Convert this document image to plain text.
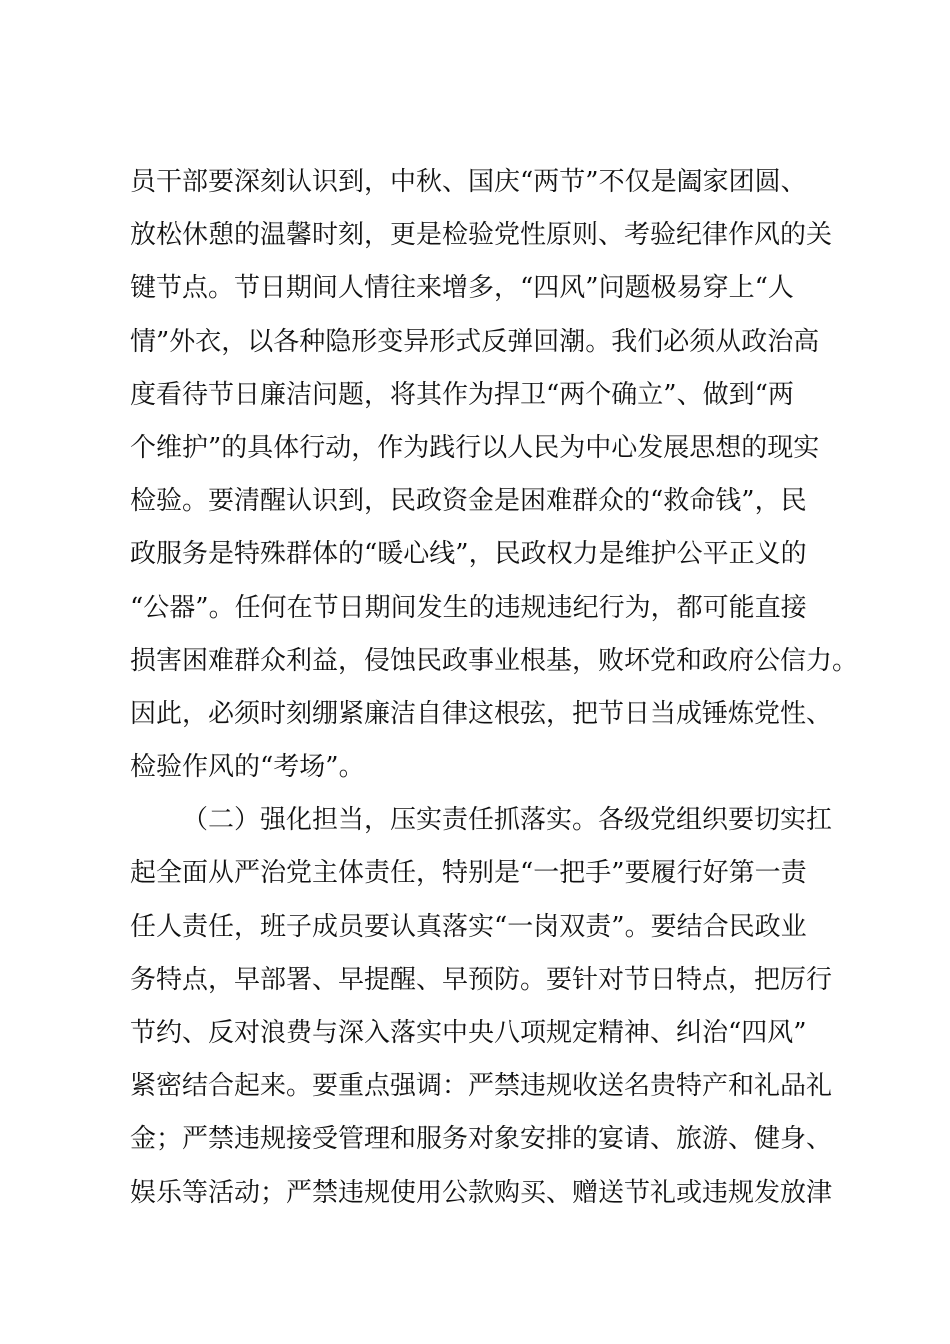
员干部要深刻认识到，中秋、国庆“两节”不仅是阖家团圆、
放松休憩的温馨时刻，更是检验党性原则、考验纪律作风的关
键节点。节日期间人情往来增多，“四风”问题极易穿上“人
情”外衣，以各种隐形变异形式反弹回潮。我们必须从政治高
度看待节日廉洁问题，将其作为捍卫“两个确立”、做到“两
个维护”的具体行动，作为践行以人民为中心发展思想的现实
检验。要清醒认识到，民政资金是困难群众的“救命钱”，民
政服务是特殊群体的“暖心线”，民政权力是维护公平正义的
“公器”。任何在节日期间发生的违规违纪行为，都可能直接
损害困难群众利益，侵蚀民政事业根基，败坏党和政府公信力。
因此，必须时刻绷紧廉洁自律这根弦，把节日当成锤炼党性、
检验作风的“考场”。
（二）强化担当，压实责任抓落实。各级党组织要切实扛
起全面从严治党主体责任，特别是“一把手”要履行好第一责
任人责任，班子成员要认真落实“一岗双责”。要结合民政业
务特点，早部署、早提醒、早预防。要针对节日特点，把厉行
节约、反对浪费与深入落实中央八项规定精神、纠治“四风”
紧密结合起来。要重点强调：严禁违规收送名贵特产和礼品礼
金；严禁违规接受管理和服务对象安排的宴请、旅游、健身、
娱乐等活动；严禁违规使用公款购买、赠送节礼或违规发放津
